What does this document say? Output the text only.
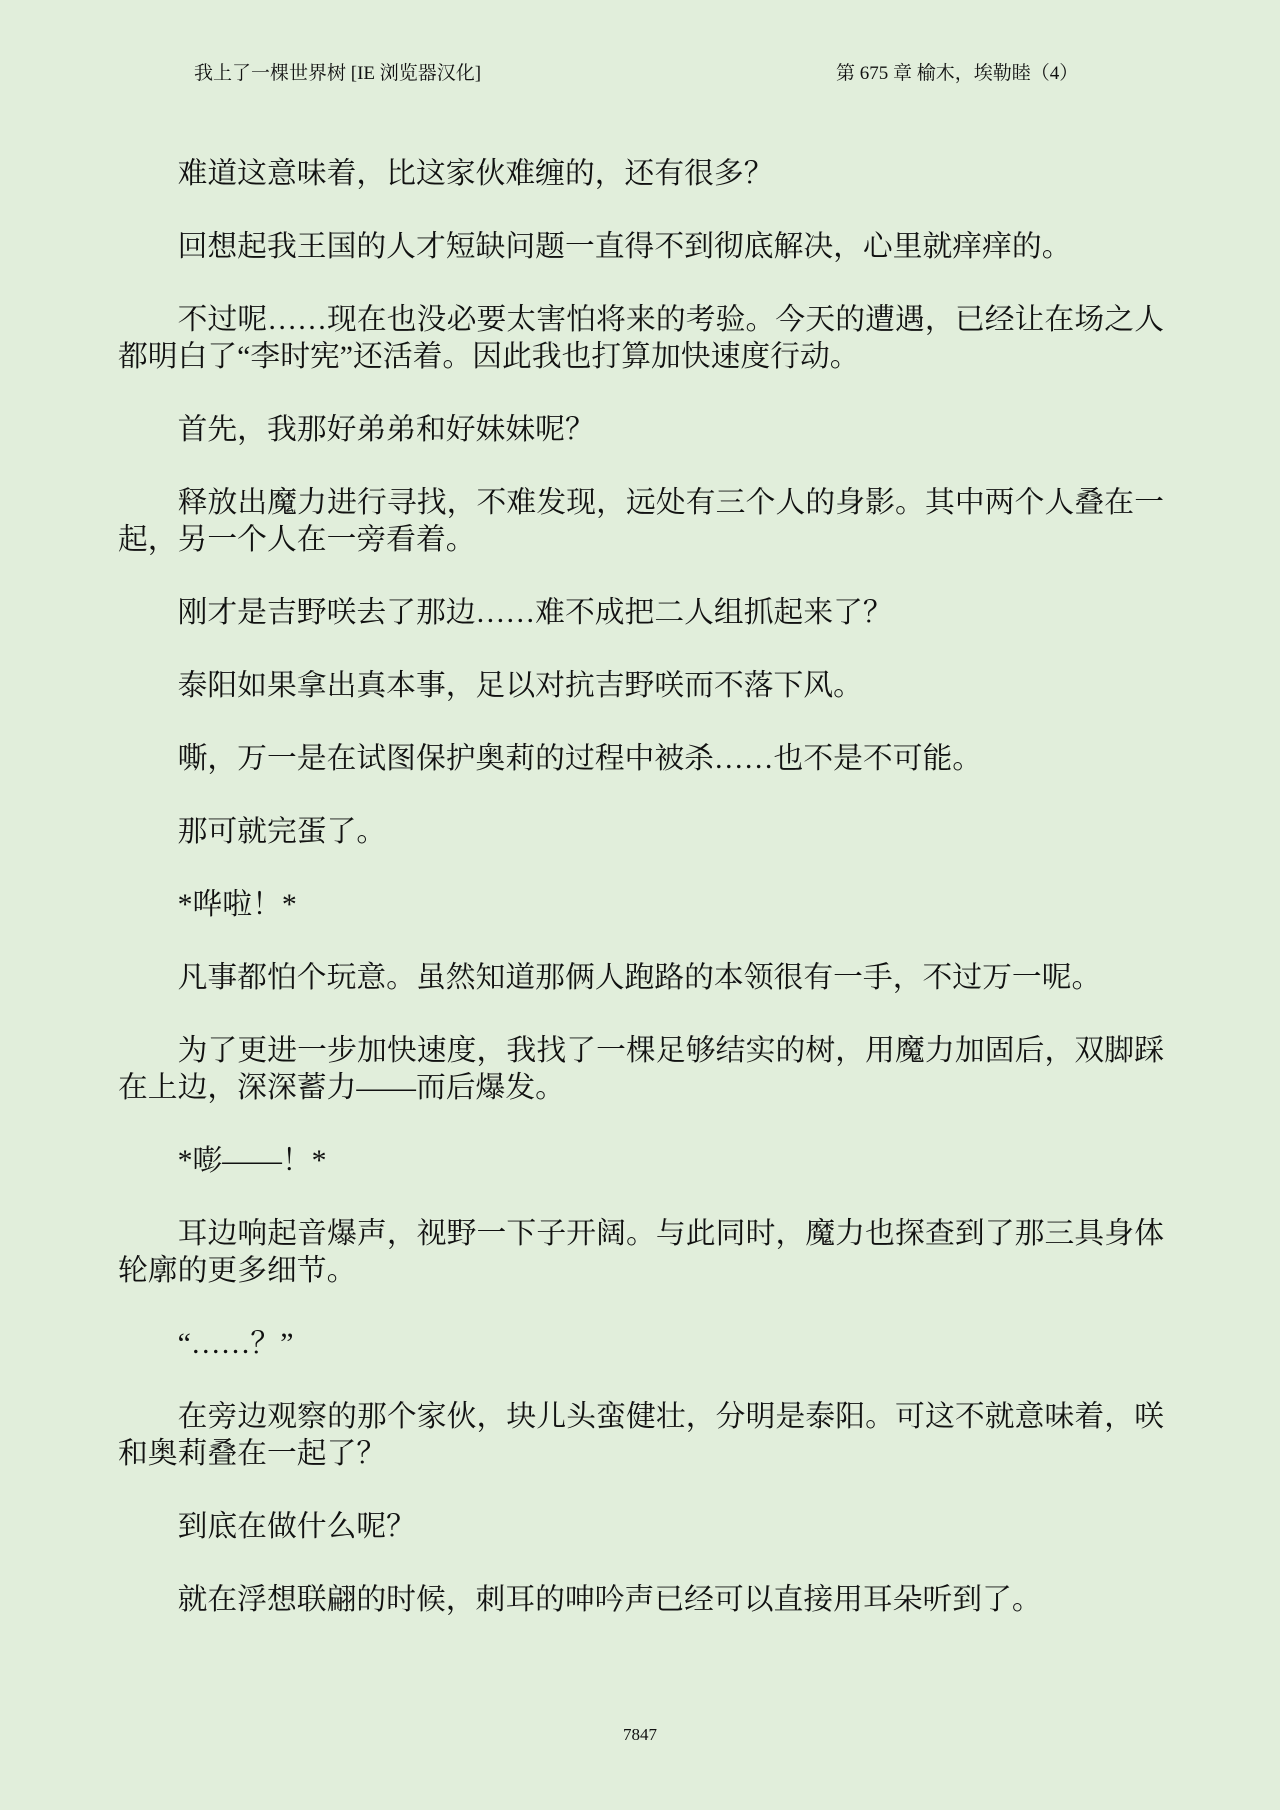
我上了一棵世界树 [IE 浏览器汉化]	第 675 章 榆木，埃勒睦（4）

难道这意味着，比这家伙难缠的，还有很多？

回想起我王国的人才短缺问题一直得不到彻底解决，心里就痒痒的。

不过呢……现在也没必要太害怕将来的考验。今天的遭遇，已经让在场之人都明白了“李时宪”还活着。因此我也打算加快速度行动。

首先，我那好弟弟和好妹妹呢？

释放出魔力进行寻找，不难发现，远处有三个人的身影。其中两个人叠在一起，另一个人在一旁看着。

刚才是吉野咲去了那边……难不成把二人组抓起来了？

泰阳如果拿出真本事，足以对抗吉野咲而不落下风。

嘶，万一是在试图保护奥莉的过程中被杀……也不是不可能。

那可就完蛋了。

*哗啦！*

凡事都怕个玩意。虽然知道那俩人跑路的本领很有一手，不过万一呢。

为了更进一步加快速度，我找了一棵足够结实的树，用魔力加固后，双脚踩在上边，深深蓄力——而后爆发。

*嘭——！*

耳边响起音爆声，视野一下子开阔。与此同时，魔力也探查到了那三具身体轮廓的更多细节。

“……？”

在旁边观察的那个家伙，块儿头蛮健壮，分明是泰阳。可这不就意味着，咲和奥莉叠在一起了？

到底在做什么呢？

就在浮想联翩的时候，刺耳的呻吟声已经可以直接用耳朵听到了。

7847
